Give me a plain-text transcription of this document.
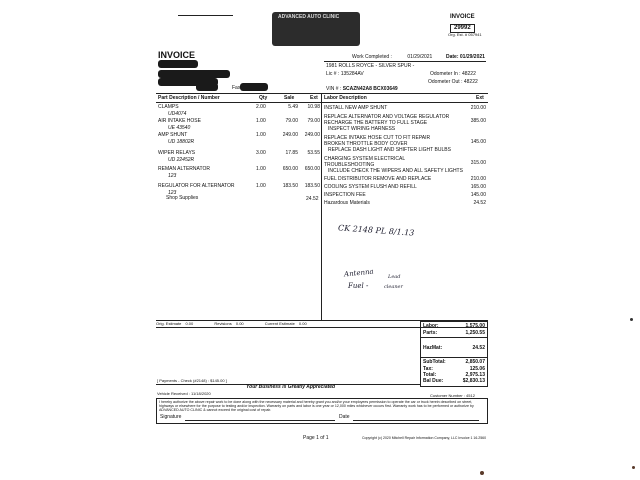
ADVANCED AUTO CLINIC	INVOICE
29992
Org. Est. # 057941
INVOICE	Work Completed :	01/29/2021	Date: 01/29/2021
1981 ROLLS ROYCE - SILVER SPUR -
Lic # : 135284AV	Odometer In : 48222
Odometer Out : 48222
Fax	VIN # : SCAZN42A8 BCX03649
Part Description / Number	Qty	Sale	Ext
CLAMPS
UD4074
2.00	5.49	10.98
AIR INTAKE HOSE
UE 43540
1.00	79.00	79.00
AMP SHUNT
UD 18802R
1.00	249.00	249.00
WIPER RELAYS
UD 22452R
3.00	17.85	53.55
REMAN ALTERNATOR
123
1.00	650.00	650.00
REGULATOR FOR ALTERNATOR
123
1.00	183.50	183.50
Shop Supplies	24.52
Labor Description	Ext
INSTALL NEW AMP SHUNT	210.00
REPLACE ALTERNATOR AND VOLTAGE REGULATOR
RECHARGE THE BATTERY TO FULL STAGE
INSPECT WIRING HARNESS
385.00
REPLACE INTAKE HOSE CUT TO FIT REPAIR
BROKEN THROTTLE BODY COVER
REPLACE DASH LIGHT AND SHIFTER LIGHT BULBS
145.00
CHARGING SYSTEM ELECTRICAL
TROUBLESHOOTING
INCLUDE CHECK THE WIPERS AND ALL SAFETY LIGHTS
315.00
FUEL DISTRIBUTOR REMOVE AND REPLACE	210.00
COOLING SYSTEM FLUSH AND REFILL	165.00
INSPECTION FEE	145.00
Hazardous Materials	24.52
CK 2148 PL 8/1.13
Antenna
Fuel -
Lead
cleaner
Orig. Estimate 0.00	Revisions 0.00	Current Estimate 0.00	Labor:	1,575.00
Parts:	1,250.55
HazMat:	24.52
SubTotal:	2,850.07
Tax:	125.06
Total:	2,975.13
Bal Due:	$2,830.13
[ Payments - Check (#2148) : $145.00 ]
Your Business is Greatly Appreciated
Vehicle Received : 11/18/2020	Customer Number : 4512
I hereby authorize the above repair work to be done along with the necessary material and hereby grant you and/or your employees permission to operate the car or truck herein described on street, highways or elsewhere for the purpose to testing and/or inspection. Warranty on parts and labor is one year or 12,000 miles whichever occurs first. Warranty work has to be performed or authorize by ADVANCED AUTO CLINIC & cannot exceed the original cost of repair.
Signature	Date
Page 1 of 1	Copyright (c) 2020 Mitchell Repair Information Company, LLC Invoice 1 16.2560
